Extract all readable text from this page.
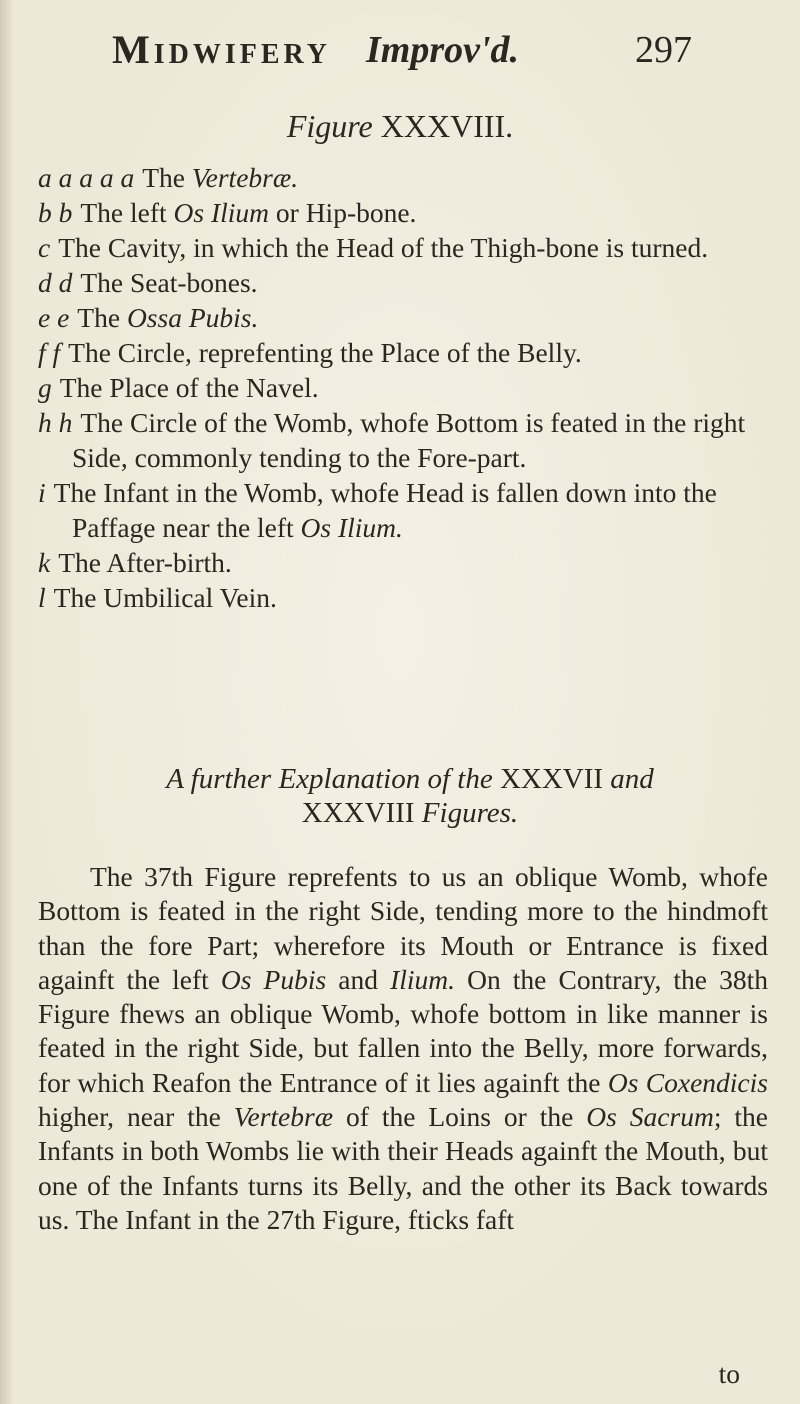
Midwifery Improv'd.	297
Figure XXXVIII.
a a a a a The Vertebræ.
b b The left Os Ilium or Hip-bone.
c The Cavity, in which the Head of the Thigh-bone is turned.
d d The Seat-bones.
e e The Ossa Pubis.
f f The Circle, reprefenting the Place of the Belly.
g The Place of the Navel.
h h The Circle of the Womb, whofe Bottom is feated in the right Side, commonly tending to the Fore-part.
i The Infant in the Womb, whofe Head is fallen down into the Paffage near the left Os Ilium.
k The After-birth.
l The Umbilical Vein.
A further Explanation of the XXXVII and
XXXVIII Figures.
The 37th Figure reprefents to us an oblique Womb, whofe Bottom is feated in the right Side, tending more to the hindmoft than the fore Part; wherefore its Mouth or Entrance is fixed againft the left Os Pubis and Ilium. On the Contrary, the 38th Figure fhews an oblique Womb, whofe bottom in like manner is feated in the right Side, but fallen into the Belly, more forwards, for which Reafon the Entrance of it lies againft the Os Coxendicis higher, near the Vertebræ of the Loins or the Os Sacrum; the Infants in both Wombs lie with their Heads againft the Mouth, but one of the Infants turns its Belly, and the other its Back towards us. The Infant in the 27th Figure, fticks faft
to
